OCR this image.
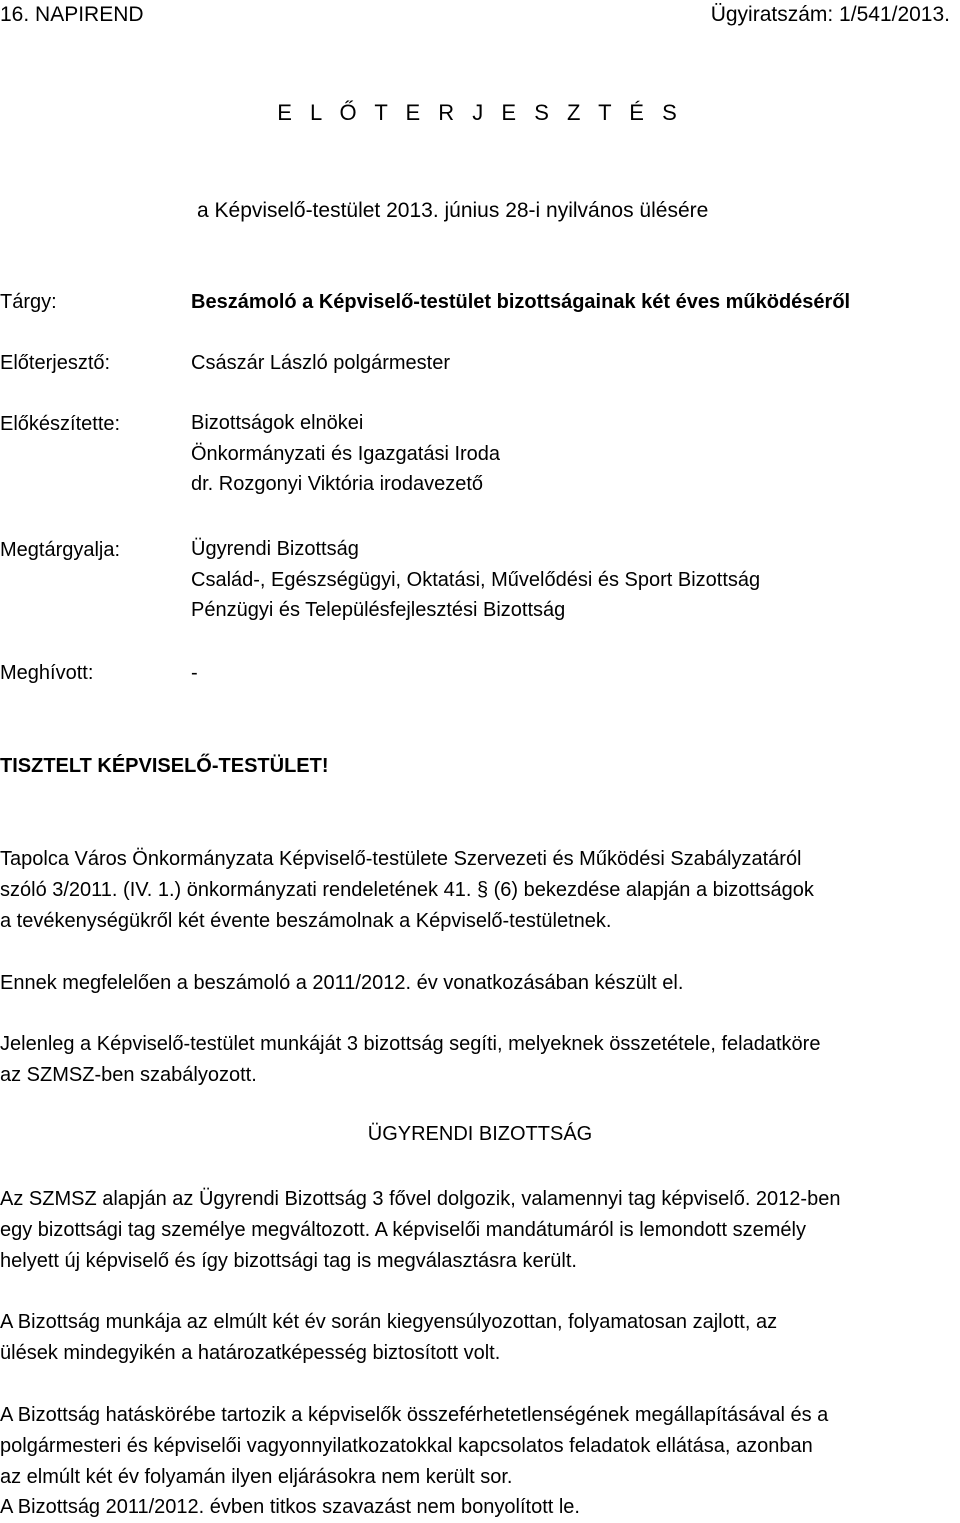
16. NAPIREND	Ügyiratszám: 1/541/2013.
E L Ő T E R J E S Z T É S
a Képviselő-testület 2013. június 28-i nyilvános ülésére
Tárgy:	Beszámoló a Képviselő-testület bizottságainak két éves működéséről
Előterjesztő:	Császár László polgármester
Előkészítette:	Bizottságok elnökei
Önkormányzati és Igazgatási Iroda
dr. Rozgonyi Viktória irodavezető
Megtárgyalja:	Ügyrendi Bizottság
Család-, Egészségügyi, Oktatási, Művelődési és Sport Bizottság
Pénzügyi és Településfejlesztési Bizottság
Meghívott:	-
TISZTELT KÉPVISELŐ-TESTÜLET!
Tapolca Város Önkormányzata Képviselő-testülete Szervezeti és Működési Szabályzatáról
szóló 3/2011. (IV. 1.) önkormányzati rendeletének 41. § (6) bekezdése alapján a bizottságok
a tevékenységükről két évente beszámolnak a Képviselő-testületnek.
Ennek megfelelően a beszámoló a 2011/2012. év vonatkozásában készült el.
Jelenleg a Képviselő-testület munkáját 3 bizottság segíti, melyeknek összetétele, feladatköre
az SZMSZ-ben szabályozott.
ÜGYRENDI BIZOTTSÁG
Az SZMSZ alapján az Ügyrendi Bizottság 3 fővel dolgozik, valamennyi tag képviselő. 2012-ben
egy bizottsági tag személye megváltozott. A képviselői mandátumáról is lemondott személy
helyett új képviselő és így bizottsági tag is megválasztásra került.
A Bizottság munkája az elmúlt két év során kiegyensúlyozottan, folyamatosan zajlott, az
ülések mindegyikén a határozatképesség biztosított volt.
A Bizottság hatáskörébe tartozik a képviselők összeférhetetlenségének megállapításával és a
polgármesteri és képviselői vagyonnyilatkozatokkal kapcsolatos feladatok ellátása, azonban
az elmúlt két év folyamán ilyen eljárásokra nem került sor.
A Bizottság 2011/2012. évben titkos szavazást nem bonyolított le.
